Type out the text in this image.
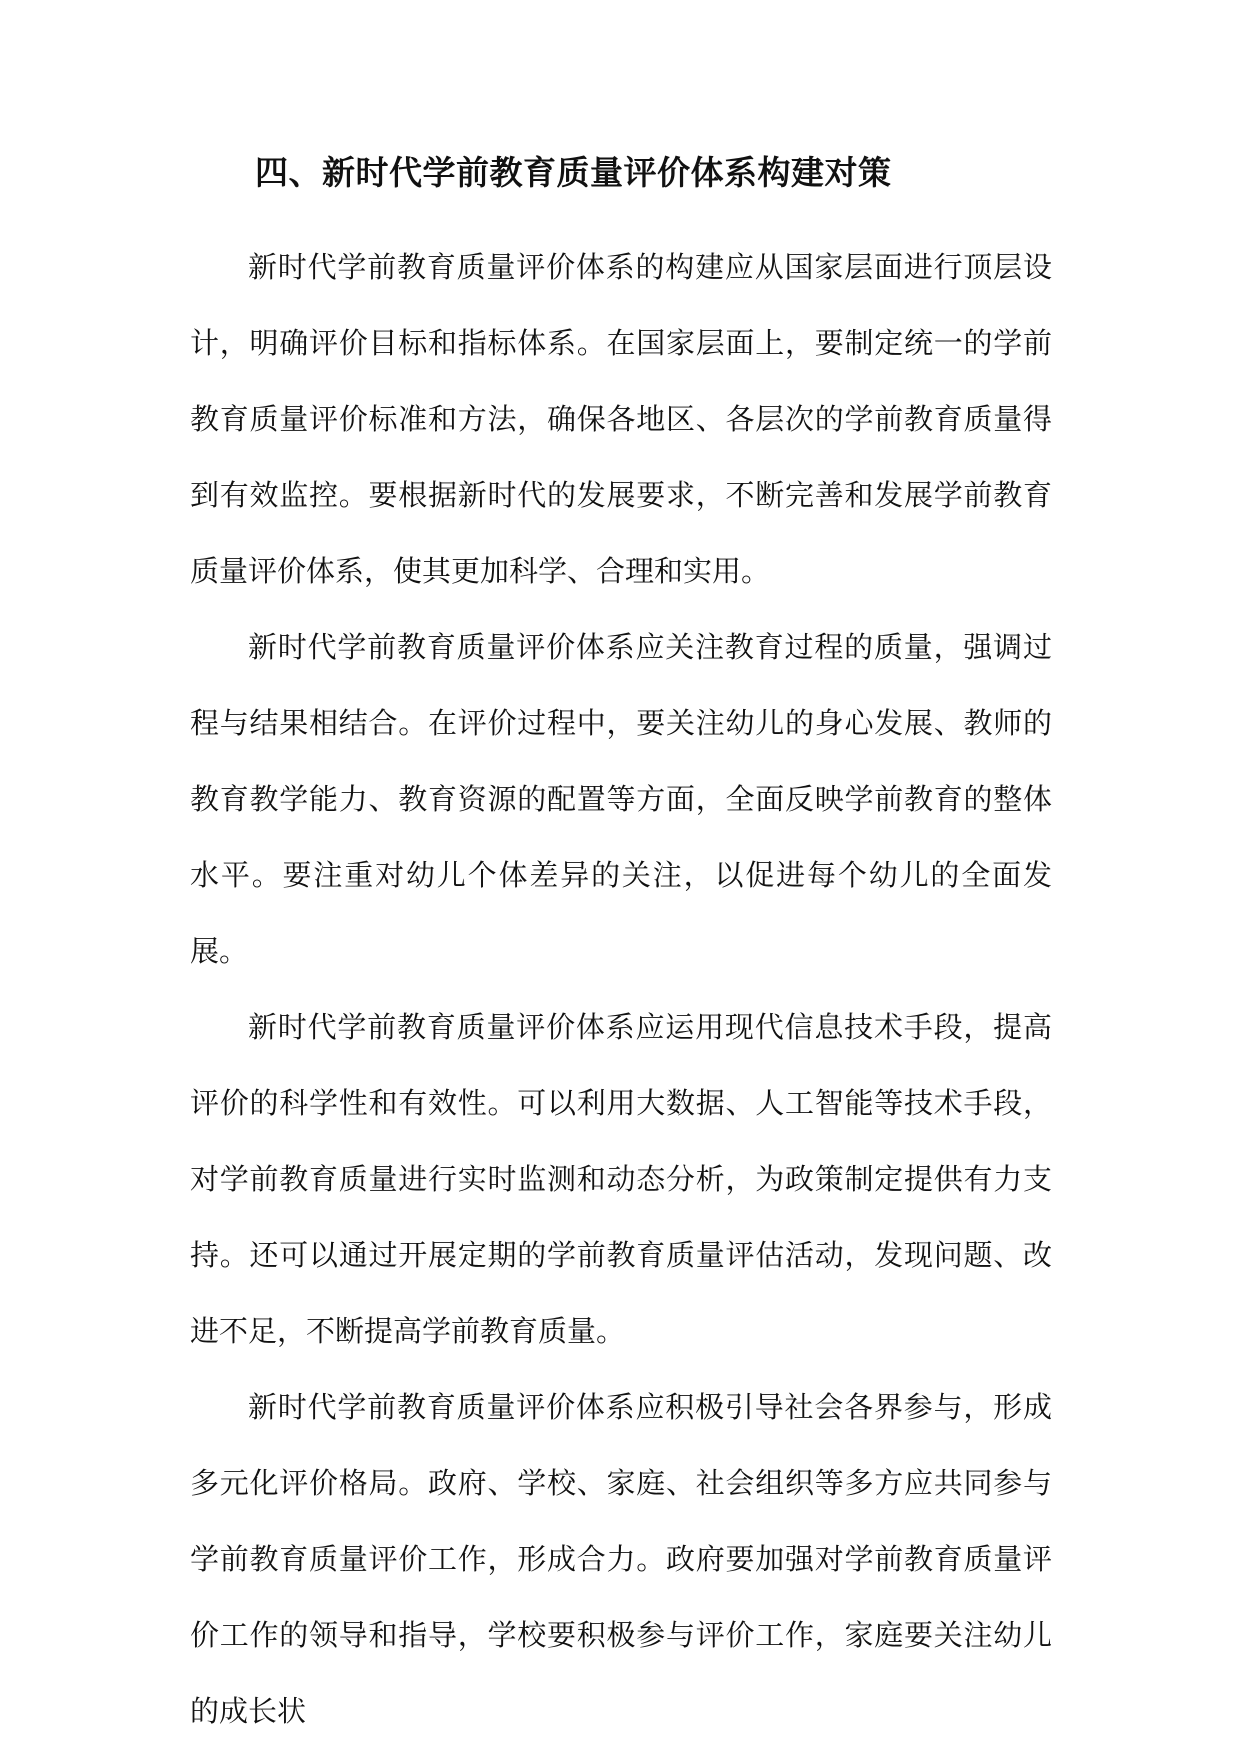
四、新时代学前教育质量评价体系构建对策

新时代学前教育质量评价体系的构建应从国家层面进行顶层设计，明确评价目标和指标体系。在国家层面上，要制定统一的学前教育质量评价标准和方法，确保各地区、各层次的学前教育质量得到有效监控。要根据新时代的发展要求，不断完善和发展学前教育质量评价体系，使其更加科学、合理和实用。

新时代学前教育质量评价体系应关注教育过程的质量，强调过程与结果相结合。在评价过程中，要关注幼儿的身心发展、教师的教育教学能力、教育资源的配置等方面，全面反映学前教育的整体水平。要注重对幼儿个体差异的关注，以促进每个幼儿的全面发展。

新时代学前教育质量评价体系应运用现代信息技术手段，提高评价的科学性和有效性。可以利用大数据、人工智能等技术手段，对学前教育质量进行实时监测和动态分析，为政策制定提供有力支持。还可以通过开展定期的学前教育质量评估活动，发现问题、改进不足，不断提高学前教育质量。

新时代学前教育质量评价体系应积极引导社会各界参与，形成多元化评价格局。政府、学校、家庭、社会组织等多方应共同参与学前教育质量评价工作，形成合力。政府要加强对学前教育质量评价工作的领导和指导，学校要积极参与评价工作，家庭要关注幼儿的成长状
